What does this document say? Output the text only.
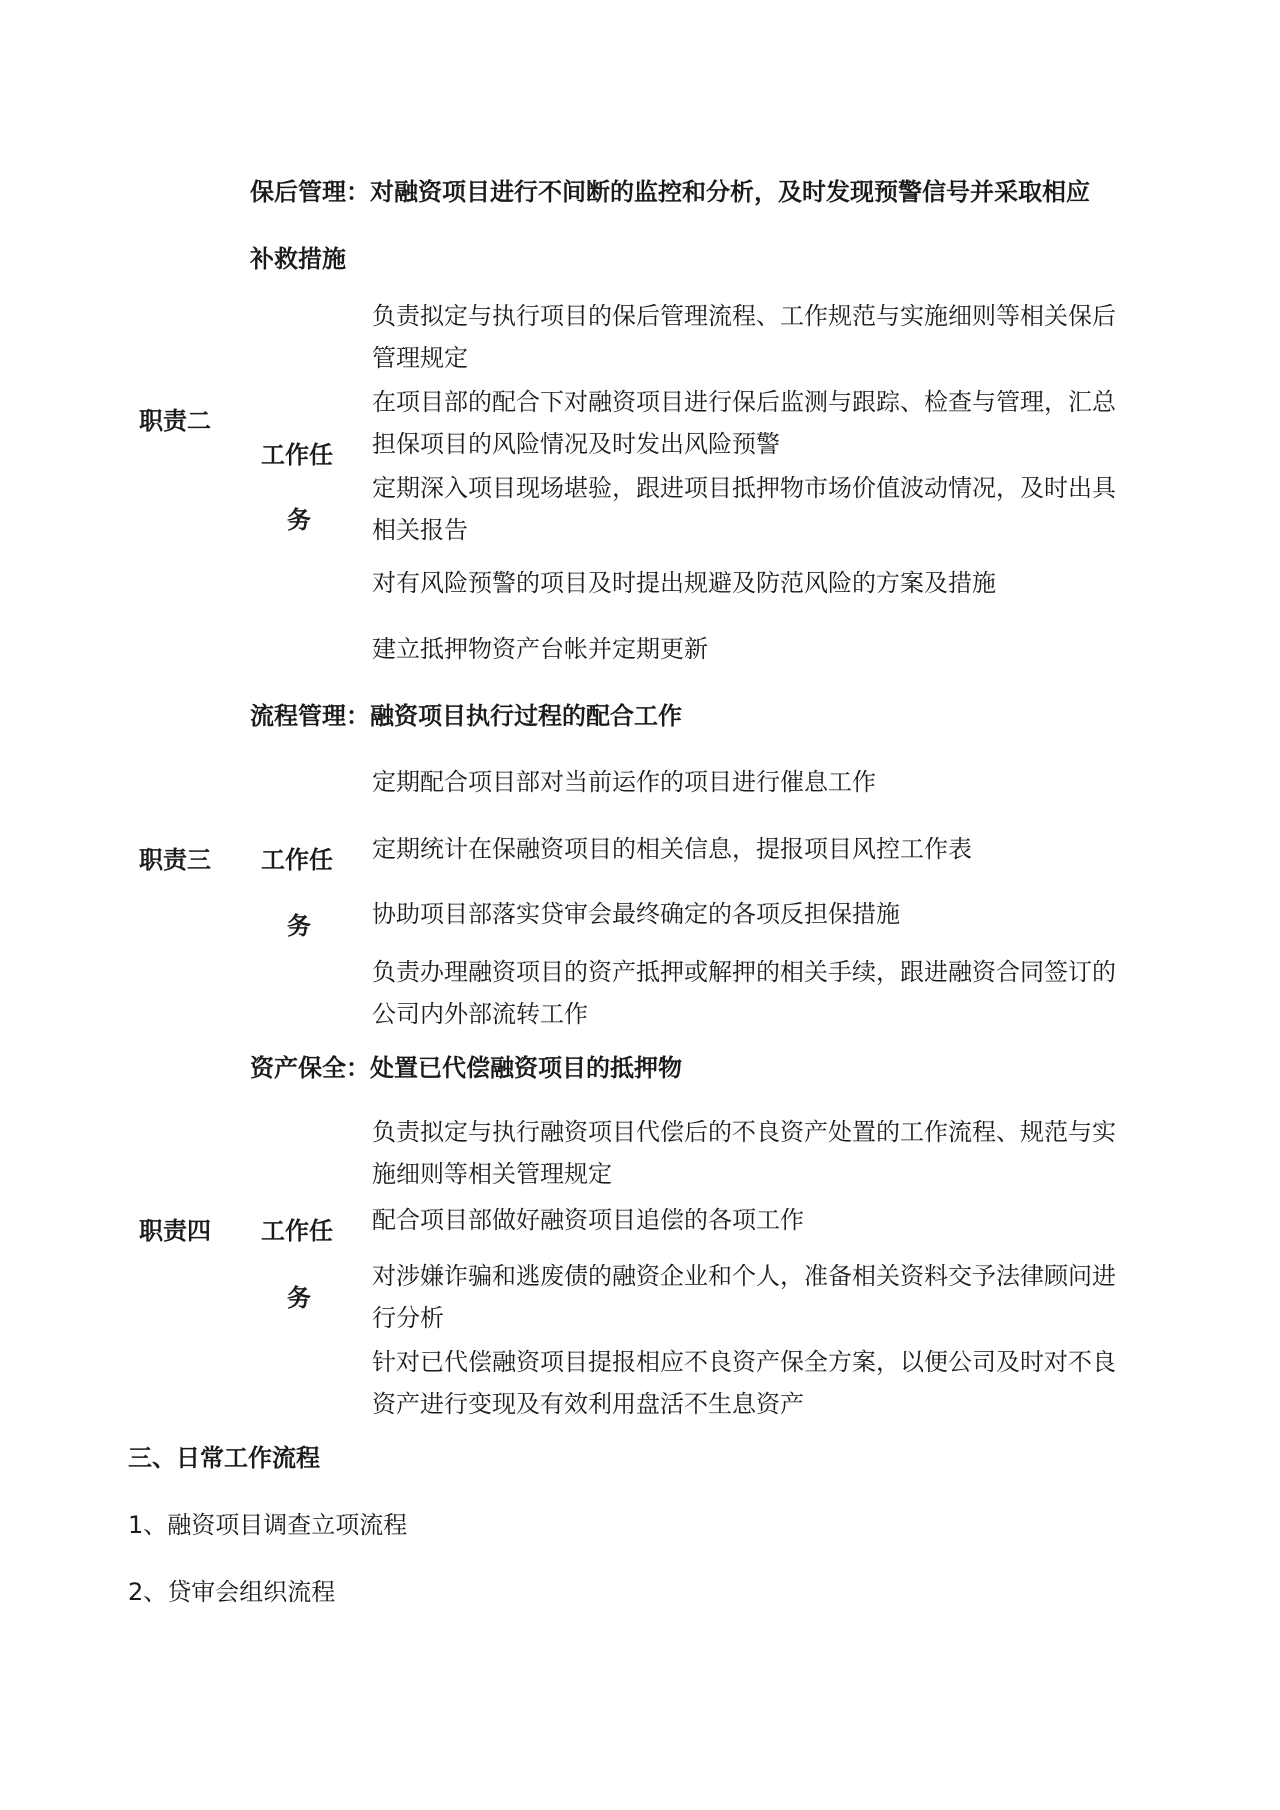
保后管理：对融资项目进行不间断的监控和分析，及时发现预警信号并采取相应
补救措施
职责二
工作任
务
负责拟定与执行项目的保后管理流程、工作规范与实施细则等相关保后
管理规定
在项目部的配合下对融资项目进行保后监测与跟踪、检查与管理，汇总
担保项目的风险情况及时发出风险预警
定期深入项目现场堪验，跟进项目抵押物市场价值波动情况，及时出具
相关报告
对有风险预警的项目及时提出规避及防范风险的方案及措施
建立抵押物资产台帐并定期更新
流程管理：融资项目执行过程的配合工作
职责三 工作任
务
定期配合项目部对当前运作的项目进行催息工作
定期统计在保融资项目的相关信息，提报项目风控工作表
协助项目部落实贷审会最终确定的各项反担保措施
负责办理融资项目的资产抵押或解押的相关手续，跟进融资合同签订的
公司内外部流转工作
资产保全：处置已代偿融资项目的抵押物
职责四 工作任
务
负责拟定与执行融资项目代偿后的不良资产处置的工作流程、规范与实
施细则等相关管理规定
配合项目部做好融资项目追偿的各项工作
对涉嫌诈骗和逃废债的融资企业和个人，准备相关资料交予法律顾问进
行分析
针对已代偿融资项目提报相应不良资产保全方案，以便公司及时对不良
资产进行变现及有效利用盘活不生息资产
三、日常工作流程
1、融资项目调查立项流程
2、贷审会组织流程
